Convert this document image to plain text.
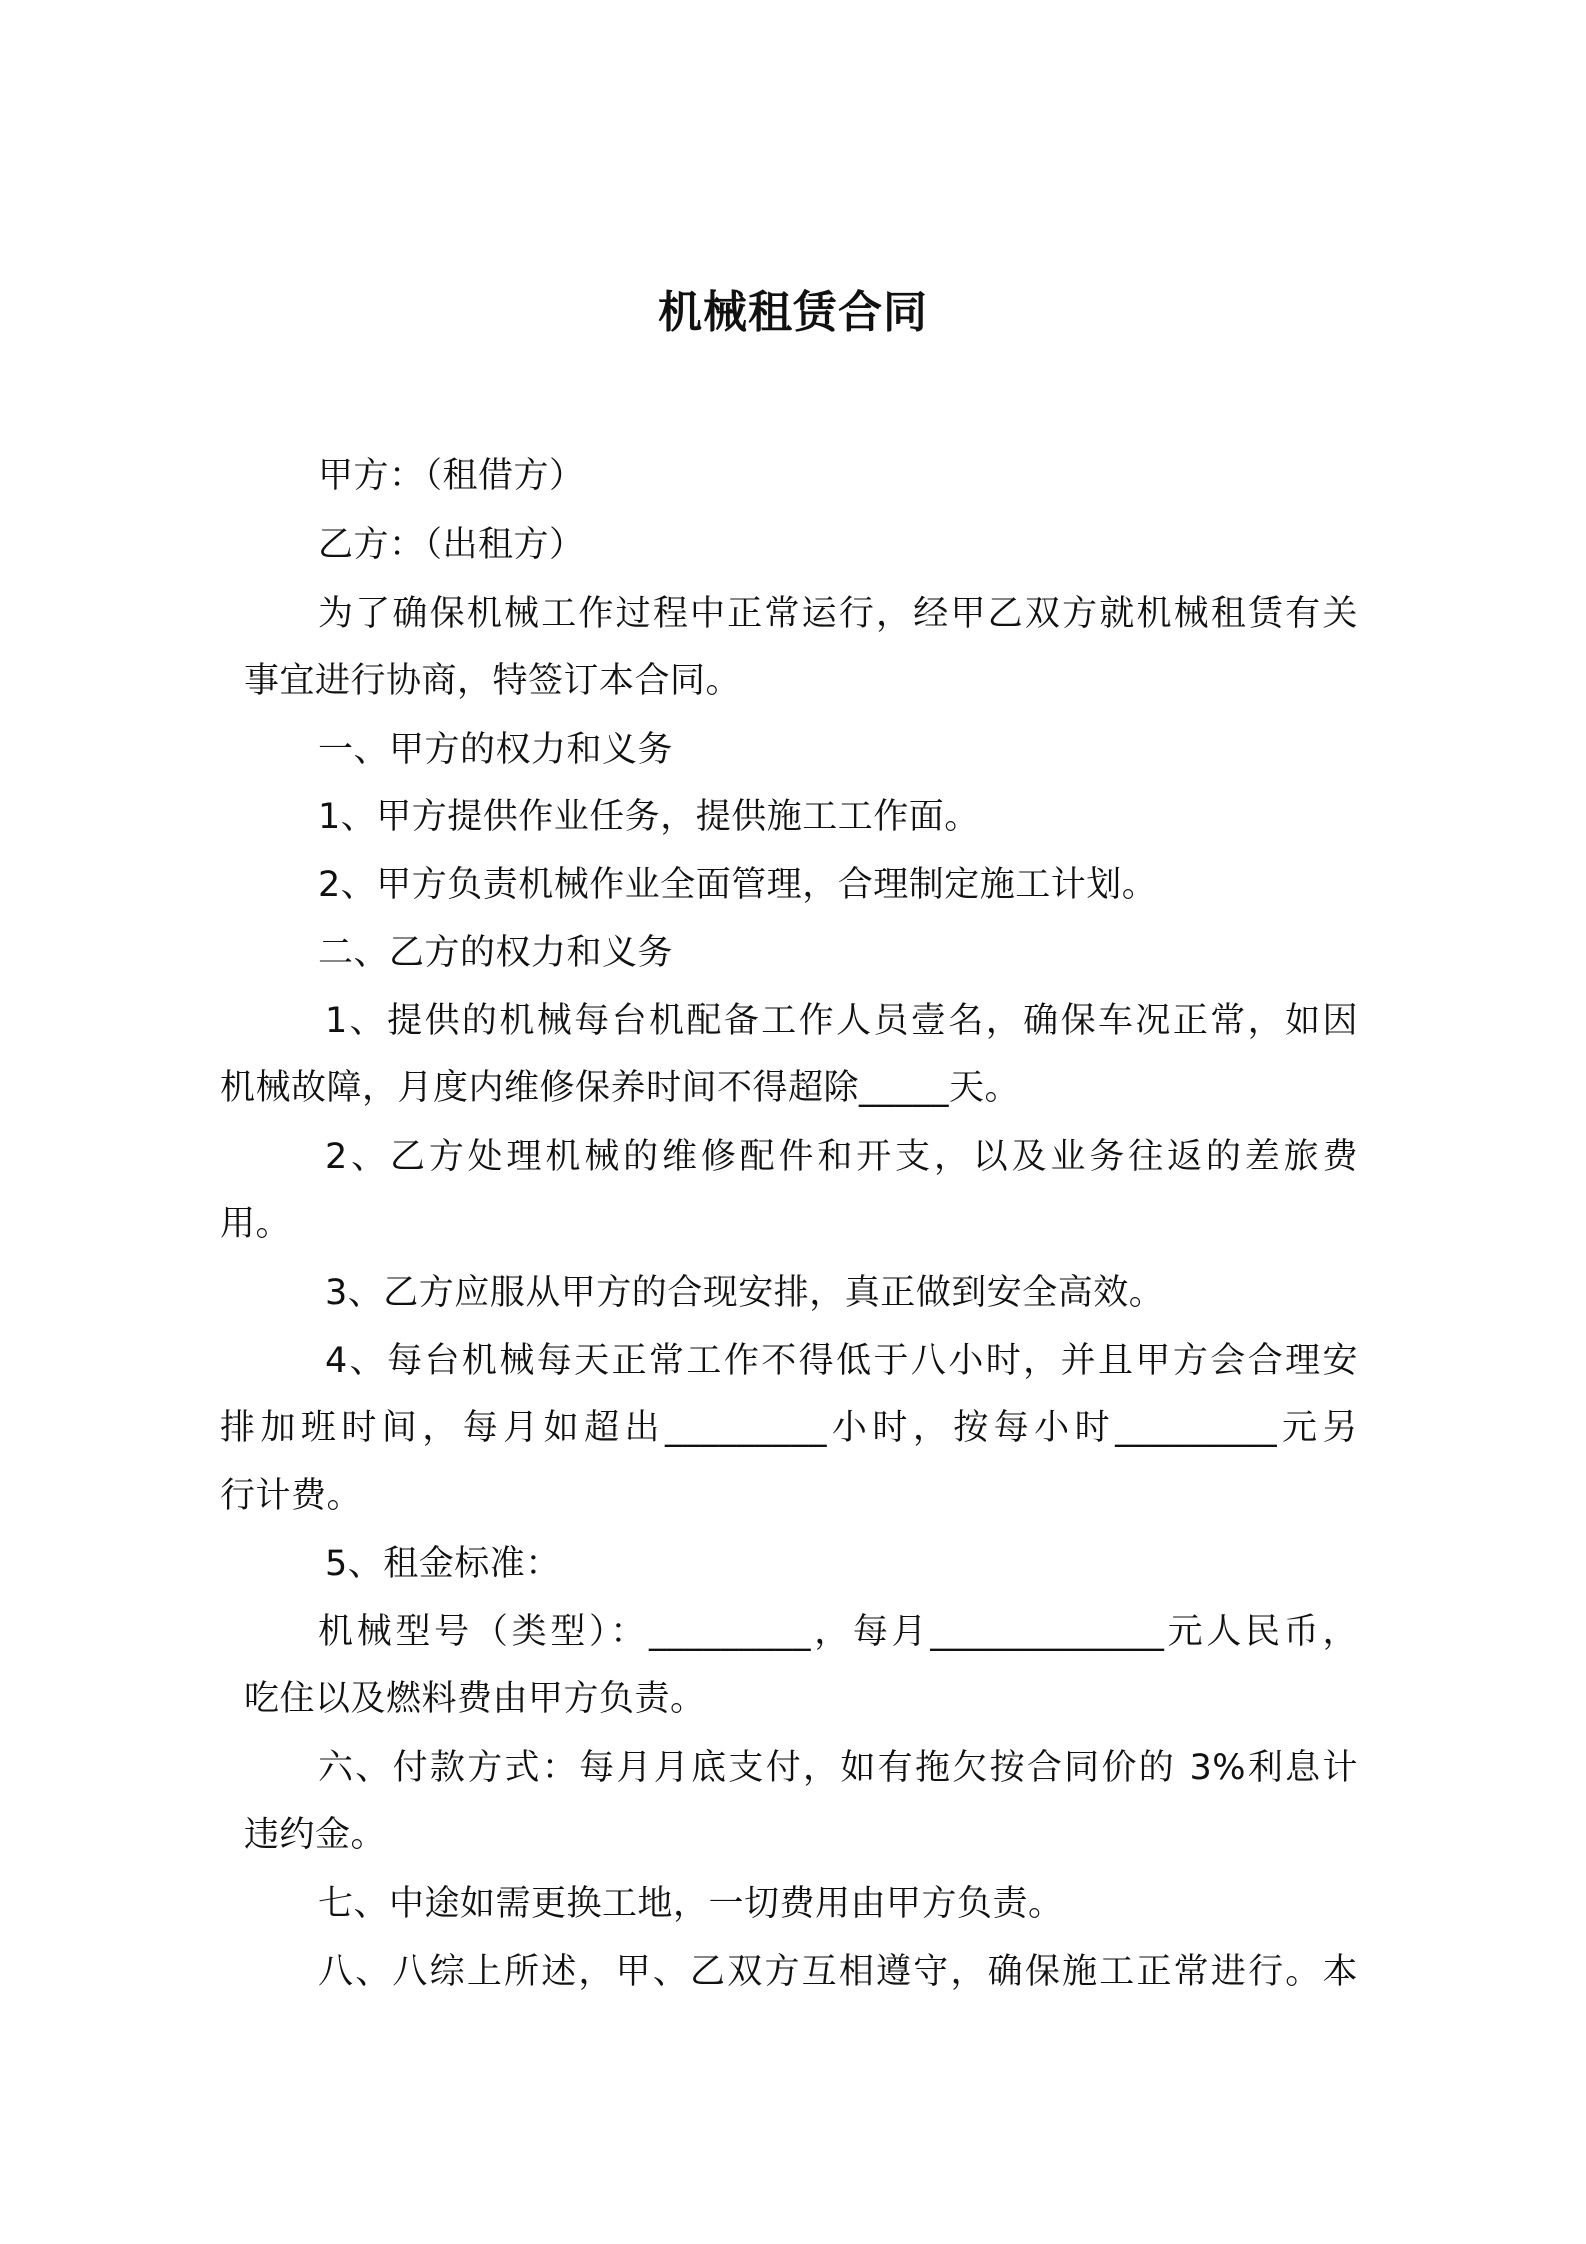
机械租赁合同
甲方：（租借方）
乙方：（出租方）
为了确保机械工作过程中正常运行，经甲乙双方就机械租赁有关
事宜进行协商，特签订本合同。
一、甲方的权力和义务
1、甲方提供作业任务，提供施工工作面。
2、甲方负责机械作业全面管理，合理制定施工计划。
二、乙方的权力和义务
1、提供的机械每台机配备工作人员壹名，确保车况正常，如因
机械故障，月度内维修保养时间不得超除_____天。
2、乙方处理机械的维修配件和开支，以及业务往返的差旅费
用。
3、乙方应服从甲方的合现安排，真正做到安全高效。
4、每台机械每天正常工作不得低于八小时，并且甲方会合理安
排加班时间，每月如超出_________小时，按每小时_________元另
行计费。
5、租金标准：
机械型号（类型）：_________，每月_____________元人民币，
吃住以及燃料费由甲方负责。
六、付款方式：每月月底支付，如有拖欠按合同价的 3%利息计
违约金。
七、中途如需更换工地，一切费用由甲方负责。
八、八综上所述，甲、乙双方互相遵守，确保施工正常进行。本
